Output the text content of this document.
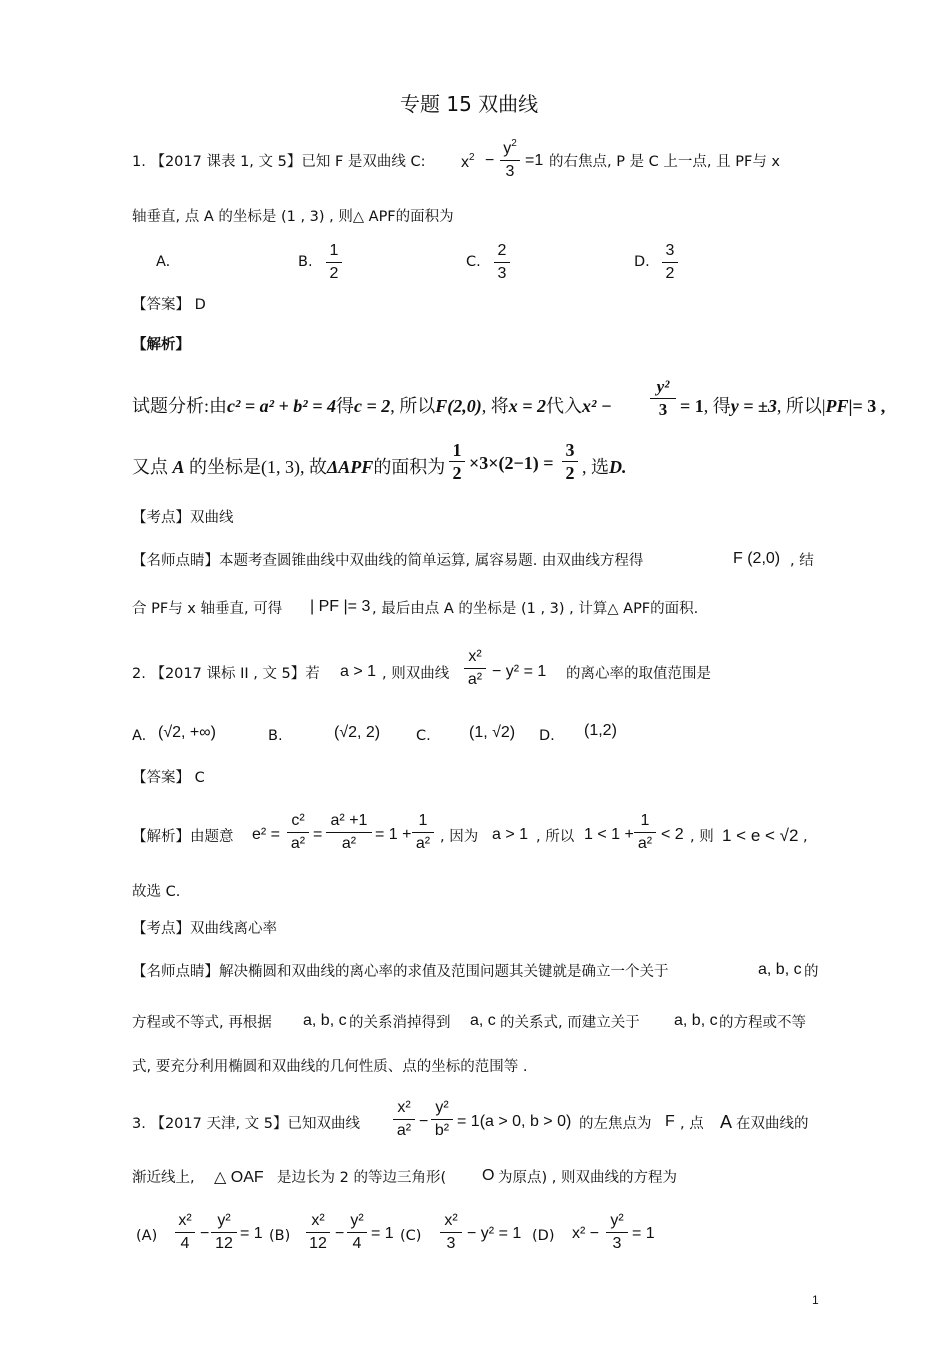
专题 15 双曲线
1. 【2017 课表 1, 文 5】已知 F 是双曲线 C: $x^2$ −
$y^2$
3
=1 的右焦点, P 是 C 上一点, 且 PF与 x
轴垂直, 点 A 的坐标是 (1 , 3) , 则△ APF的面积为
A.	B.
1
2
C.
2
3
D.
3
2
【答案】 D
【解析】
试题分析:由c² = a² + b² = 4得c = 2, 所以F(2,0), 将x = 2代入x² −
y²
3 = 1, 得y = ±3, 所以|PF|= 3 ,
又点 A 的坐标是(1, 3), 故ΔAPF的面积为
1
2 ×3×(2−1) =
3
2 , 选D.
【考点】双曲线
【名师点睛】本题考查圆锥曲线中双曲线的简单运算, 属容易题. 由双曲线方程得	F (2,0) , 结
合 PF与 x 轴垂直, 可得 | PF |= 3 , 最后由点 A 的坐标是 (1 , 3) , 计算△ APF的面积.
2. 【2017 课标 II , 文 5】若 a > 1 , 则双曲线
x²
a² − y² = 1 的离心率的取值范围是
A. (√2, +∞)	B.	(√2, 2) C. (1, √2) D. (1,2)
【答案】 C
【解析】由题意 e² =
c²
a²
=
a² +1
a²
= 1 +
1
a² , 因为 a > 1 , 所以 1 < 1 +
1
a²
< 2 , 则 1 < e < √2 ,
故选 C.
【考点】双曲线离心率
【名师点睛】解决椭圆和双曲线的离心率的求值及范围问题其关键就是确立一个关于	a, b, c 的
方程或不等式, 再根据 a, b, c 的关系消掉得到 a, c 的关系式, 而建立关于 a, b, c 的方程或不等
式, 要充分利用椭圆和双曲线的几何性质、点的坐标的范围等 .
3. 【2017 天津, 文 5】已知双曲线
x²
a²
−
y²
b²
= 1(a > 0, b > 0) 的左焦点为 F , 点 A 在双曲线的
渐近线上, △ OAF 是边长为 2 的等边三角形( O 为原点) , 则双曲线的方程为
(A)
x²
4
−
y²
12
= 1 (B)
x²
12
−
y²
4
= 1 (C)
x²
3
− y² = 1 (D) x² −
y²
3
= 1
1
